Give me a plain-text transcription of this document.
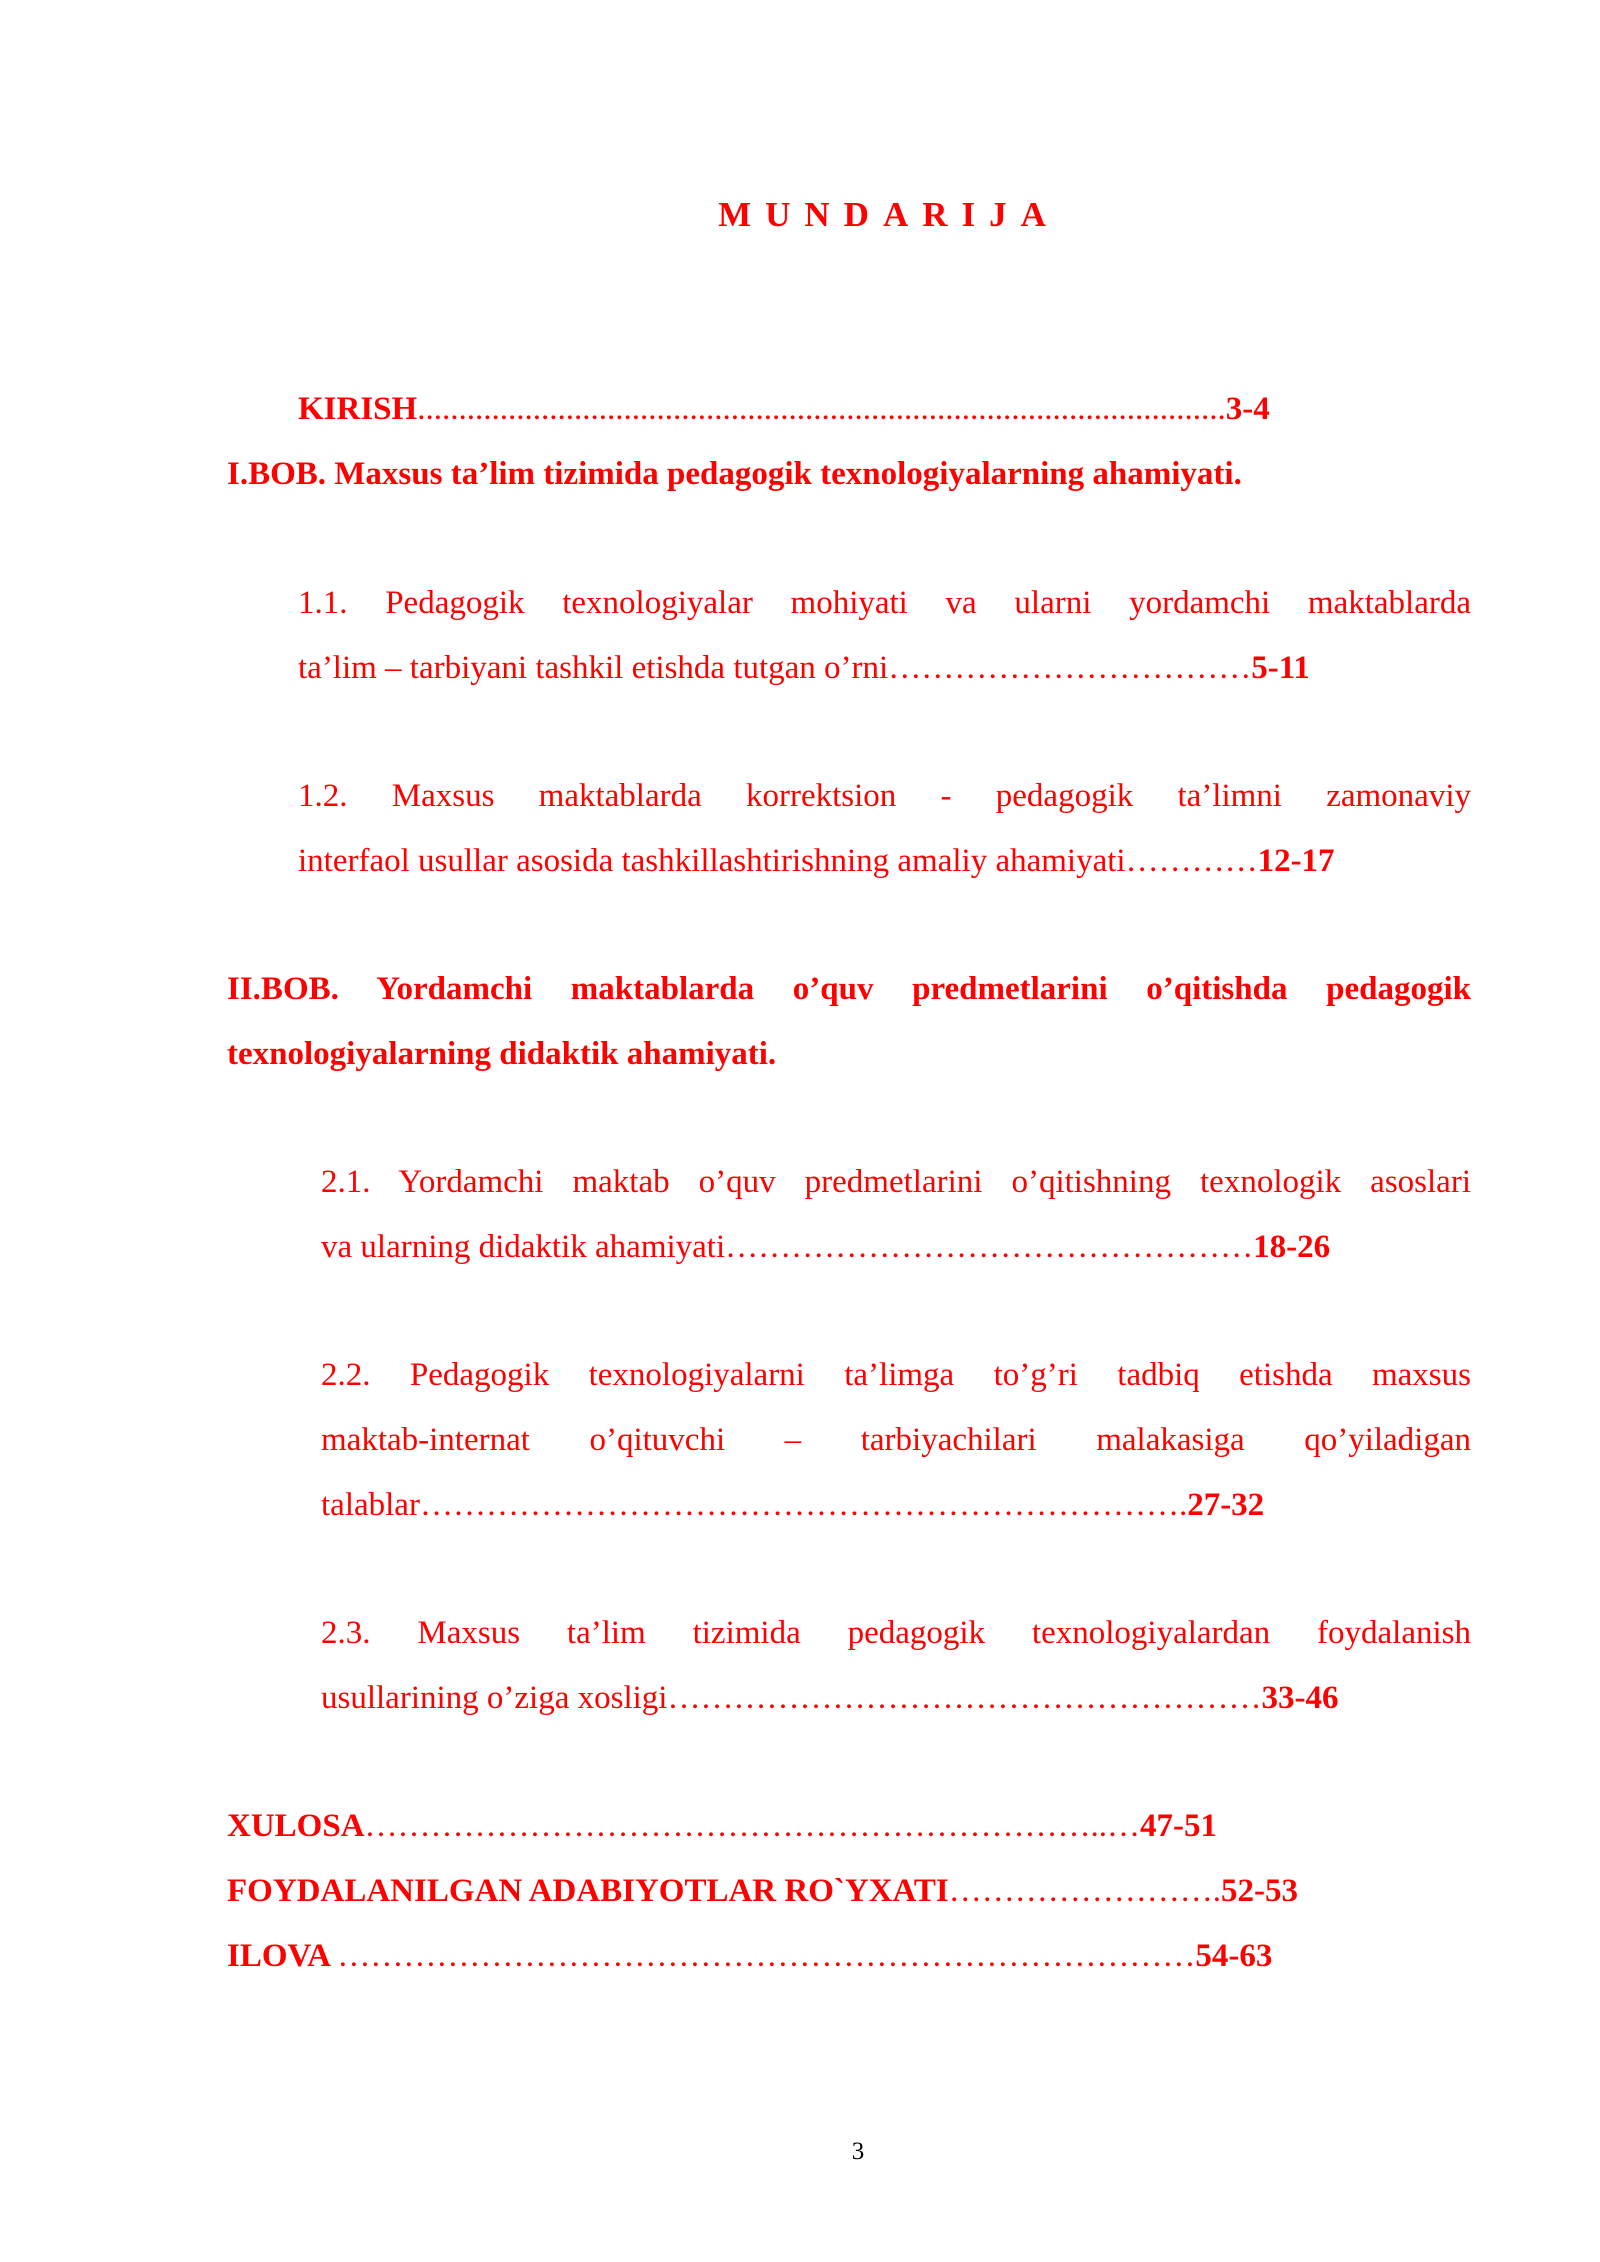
MUNDARIJA
KIRISH..................................................................................................3-4
I.BOB. Maxsus ta’lim tizimida pedagogik texnologiyalarning ahamiyati.
1.1. Pedagogik texnologiyalar mohiyati va ularni yordamchi maktablarda
ta’lim – tarbiyani tashkil etishda tutgan o’rni……………………………5-11
1.2. Maxsus maktablarda korrektsion - pedagogik ta’limni zamonaviy
interfaol usullar asosida tashkillashtirishning amaliy ahamiyati…………12-17
II.BOB. Yordamchi maktablarda o’quv predmetlarini o’qitishda pedagogik
texnologiyalarning didaktik ahamiyati.
2.1. Yordamchi maktab o’quv predmetlarini o’qitishning texnologik asoslari
va ularning didaktik ahamiyati…………………………………………18-26
2.2. Pedagogik texnologiyalarni ta’limga to’g’ri tadbiq etishda maxsus
maktab-internat o’qituvchi – tarbiyachilari malakasiga qo’yiladigan
talablar…………………………………………………………….27-32
2.3. Maxsus ta’lim tizimida pedagogik texnologiyalardan foydalanish
usullarining o’ziga xosligi………………………………………………33-46
XULOSA…………………………………………………………..…47-51
FOYDALANILGAN ADABIYOTLAR RO`YXATI…………………….52-53
ILOVA ……………………………………………………………………54-63
3
